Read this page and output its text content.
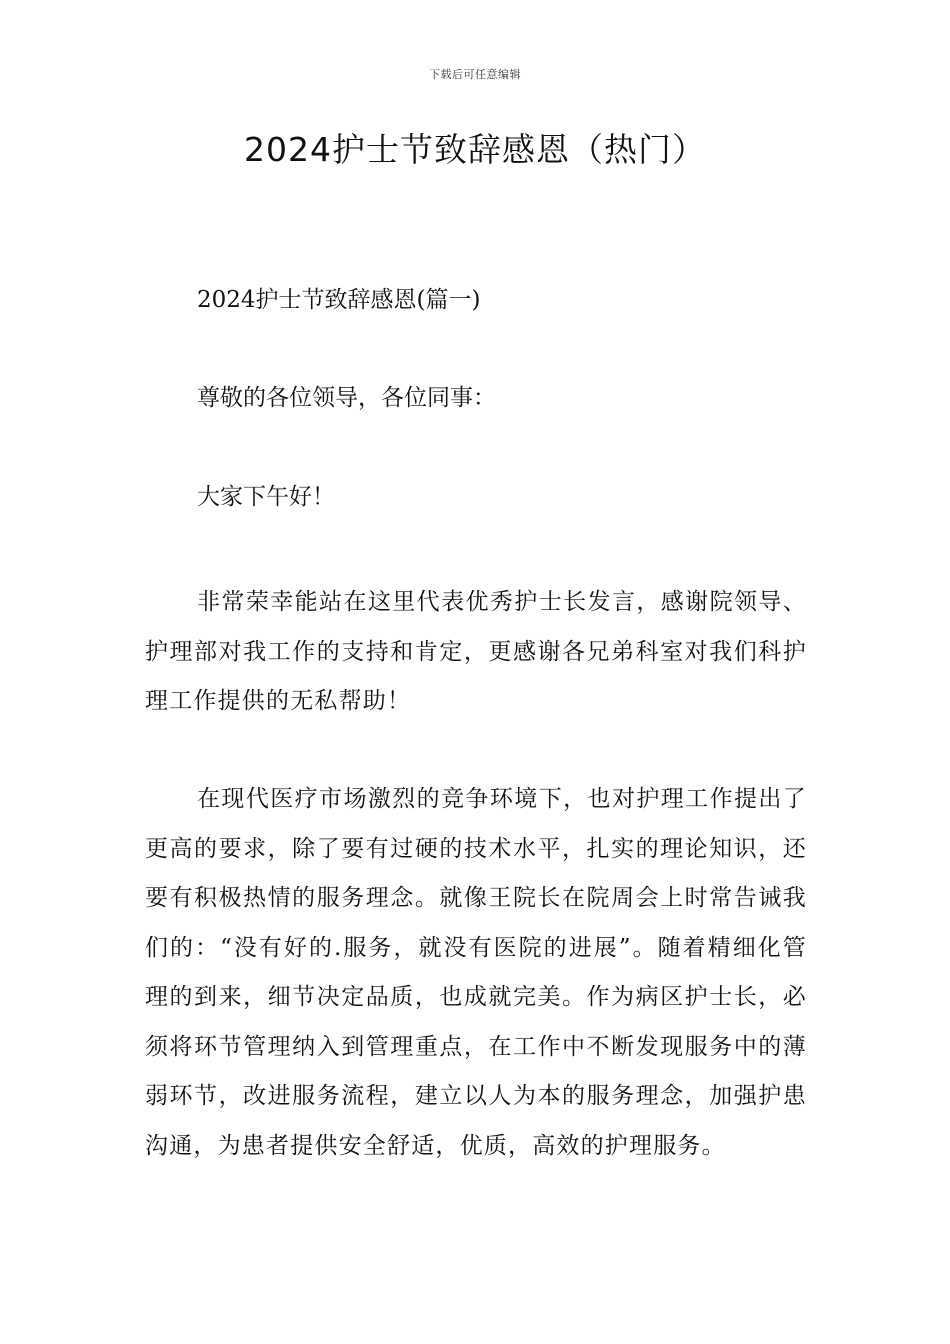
下载后可任意编辑
2024护士节致辞感恩（热门）
2024护士节致辞感恩(篇一)
尊敬的各位领导，各位同事：
大家下午好！
非常荣幸能站在这里代表优秀护士长发言，感谢院领导、护理部对我工作的支持和肯定，更感谢各兄弟科室对我们科护理工作提供的无私帮助！
在现代医疗市场激烈的竞争环境下，也对护理工作提出了更高的要求，除了要有过硬的技术水平，扎实的理论知识，还要有积极热情的服务理念。就像王院长在院周会上时常告诫我们的：“没有好的.服务，就没有医院的进展”。随着精细化管理的到来，细节决定品质，也成就完美。作为病区护士长，必须将环节管理纳入到管理重点，在工作中不断发现服务中的薄弱环节，改进服务流程，建立以人为本的服务理念，加强护患沟通，为患者提供安全舒适，优质，高效的护理服务。
